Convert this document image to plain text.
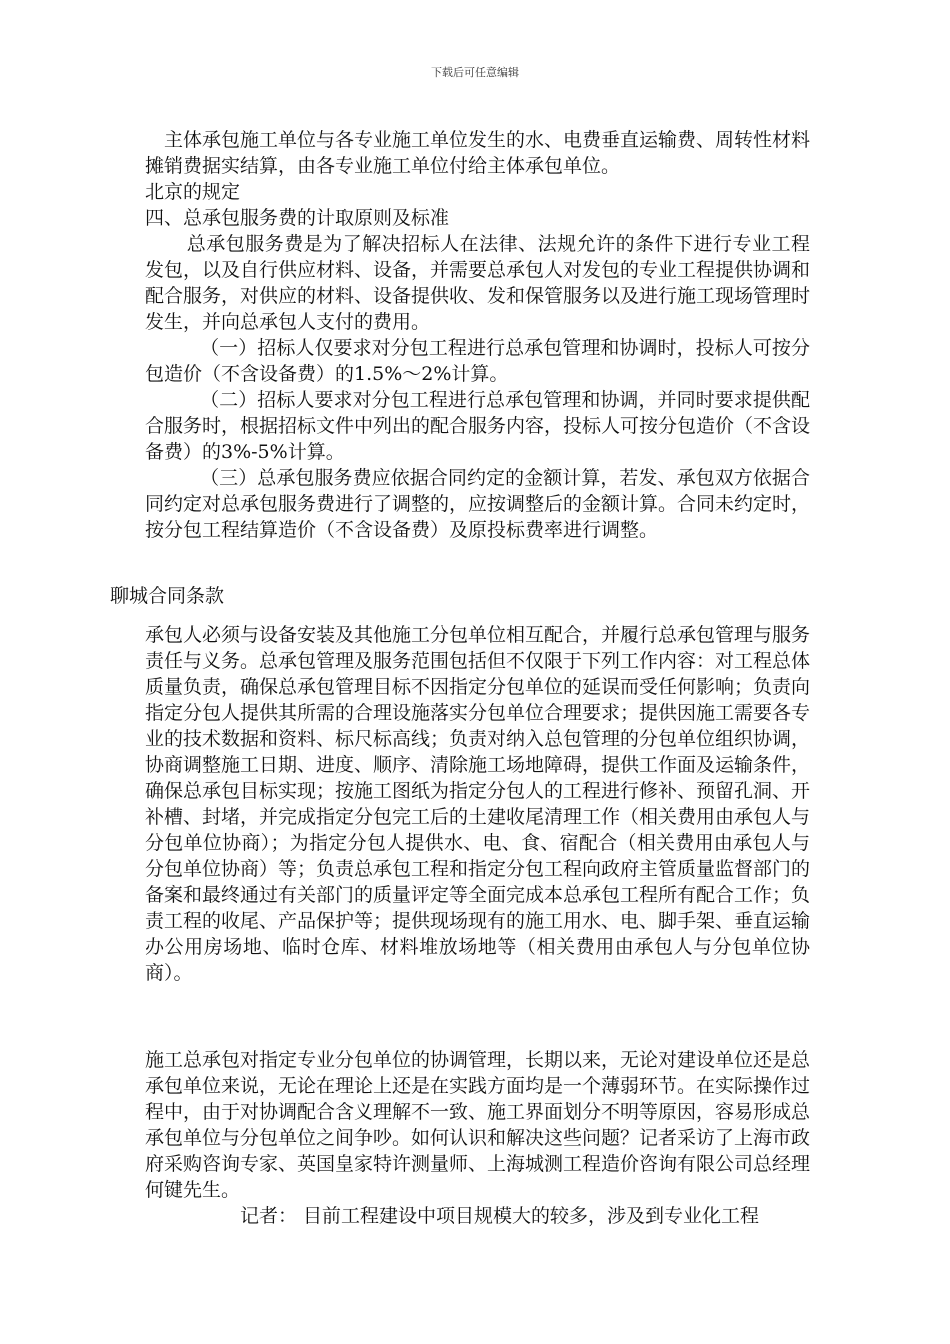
下载后可任意编辑

主体承包施工单位与各专业施工单位发生的水、电费垂直运输费、周转性材料摊销费据实结算，由各专业施工单位付给主体承包单位。

北京的规定

四、总承包服务费的计取原则及标准

总承包服务费是为了解决招标人在法律、法规允许的条件下进行专业工程发包，以及自行供应材料、设备，并需要总承包人对发包的专业工程提供协调和配合服务，对供应的材料、设备提供收、发和保管服务以及进行施工现场管理时发生，并向总承包人支付的费用。

（一）招标人仅要求对分包工程进行总承包管理和协调时，投标人可按分包造价（不含设备费）的1.5%～2%计算。

（二）招标人要求对分包工程进行总承包管理和协调，并同时要求提供配合服务时，根据招标文件中列出的配合服务内容，投标人可按分包造价（不含设备费）的3%-5%计算。

（三）总承包服务费应依据合同约定的金额计算，若发、承包双方依据合同约定对总承包服务费进行了调整的，应按调整后的金额计算。合同未约定时，按分包工程结算造价（不含设备费）及原投标费率进行调整。

聊城合同条款

承包人必须与设备安装及其他施工分包单位相互配合，并履行总承包管理与服务责任与义务。总承包管理及服务范围包括但不仅限于下列工作内容：对工程总体质量负责，确保总承包管理目标不因指定分包单位的延误而受任何影响；负责向指定分包人提供其所需的合理设施落实分包单位合理要求；提供因施工需要各专业的技术数据和资料、标尺标高线；负责对纳入总包管理的分包单位组织协调，协商调整施工日期、进度、顺序、清除施工场地障碍，提供工作面及运输条件，确保总承包目标实现；按施工图纸为指定分包人的工程进行修补、预留孔洞、开补槽、封堵，并完成指定分包完工后的土建收尾清理工作（相关费用由承包人与分包单位协商）；为指定分包人提供水、电、食、宿配合（相关费用由承包人与分包单位协商）等；负责总承包工程和指定分包工程向政府主管质量监督部门的备案和最终通过有关部门的质量评定等全面完成本总承包工程所有配合工作；负责工程的收尾、产品保护等；提供现场现有的施工用水、电、脚手架、垂直运输办公用房场地、临时仓库、材料堆放场地等（相关费用由承包人与分包单位协商）。

施工总承包对指定专业分包单位的协调管理，长期以来，无论对建设单位还是总承包单位来说，无论在理论上还是在实践方面均是一个薄弱环节。在实际操作过程中，由于对协调配合含义理解不一致、施工界面划分不明等原因，容易形成总承包单位与分包单位之间争吵。如何认识和解决这些问题？记者采访了上海市政府采购咨询专家、英国皇家特许测量师、上海城测工程造价咨询有限公司总经理何键先生。

记者： 目前工程建设中项目规模大的较多，涉及到专业化工程
